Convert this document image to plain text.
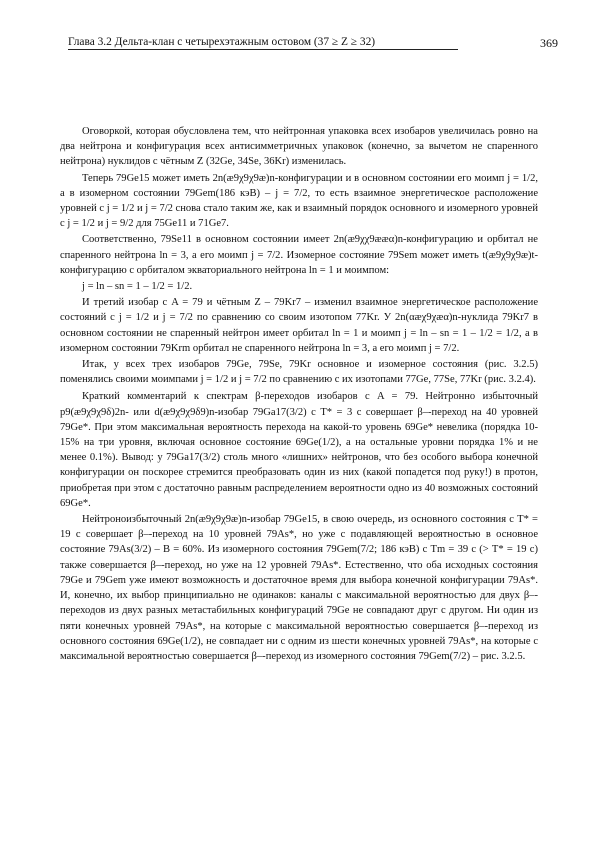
Глава 3.2 Дельта-клан с четырехэтажным остовом (37 ≥ Z ≥ 32)	369

Оговоркой, которая обусловлена тем, что нейтронная упаковка всех изобаров увеличилась ровно на два нейтрона и конфигурация всех антисимметричных упаковок (конечно, за вычетом не спаренного нейтрона) нуклидов с чётным Z (32Ge, 34Se, 36Kr) изменилась.

Теперь 79Ge15 может иметь 2n(æ9χ9χ9æ)n-конфигурации и в основном состоянии его моимп j = 1/2, а в изомерном состоянии 79Gem(186 кэВ) – j = 7/2, то есть взаимное энергетическое расположение уровней с j = 1/2 и j = 7/2 снова стало таким же, как и взаимный порядок основного и изомерного уровней с j = 1/2 и j = 9/2 для 75Ge11 и 71Ge7.

Соответственно, 79Se11 в основном состоянии имеет 2n(æ9χχ9ææα)n-конфигурацию и орбитал не спаренного нейтрона ln = 3, а его моимп j = 7/2. Изомерное состояние 79Sem может иметь t(æ9χ9χ9æ)t-конфигурацию с орбиталом экваториального нейтрона ln = 1 и моимпом:

j = ln – sn = 1 – 1/2 = 1/2.

И третий изобар с A = 79 и чётным Z – 79Kr7 – изменил взаимное энергетическое расположение состояний с j = 1/2 и j = 7/2 по сравнению со своим изотопом 77Kr. У 2n(αæχ9χæα)n-нуклида 79Kr7 в основном состоянии не спаренный нейтрон имеет орбитал ln = 1 и моимп j = ln – sn = 1 – 1/2 = 1/2, а в изомерном состоянии 79Krm орбитал не спаренного нейтрона ln = 3, а его моимп j = 7/2.

Итак, у всех трех изобаров 79Ge, 79Se, 79Kr основное и изомерное состояния (рис. 3.2.5) поменялись своими моимпами j = 1/2 и j = 7/2 по сравнению с их изотопами 77Ge, 77Se, 77Kr (рис. 3.2.4).

Краткий комментарий к спектрам β-переходов изобаров с A = 79. Нейтронно избыточный p9(æ9χ9χ9δ)2n- или d(æ9χ9χ9δ9)n-изобар 79Ga17(3/2) с T* = 3 с совершает β–-переход на 40 уровней 79Ge*. При этом максимальная вероятность перехода на какой-то уровень 69Ge* невелика (порядка 10-15% на три уровня, включая основное состояние 69Ge(1/2), а на остальные уровни порядка 1% и не менее 0.1%). Вывод: у 79Ga17(3/2) столь много «лишних» нейтронов, что без особого выбора конечной конфигурации он поскорее стремится преобразовать один из них (какой попадется под руку!) в протон, приобретая при этом с достаточно равным распределением вероятности одно из 40 возможных состояний 69Ge*.

Нейтроноизбыточный 2n(æ9χ9χ9æ)n-изобар 79Ge15, в свою очередь, из основного состояния с T* = 19 с совершает β–-переход на 10 уровней 79As*, но уже с подавляющей вероятностью в основное состояние 79As(3/2) – B = 60%. Из изомерного состояния 79Gem(7/2; 186 кэВ) с Tm = 39 с (> T* = 19 с) также совершается β–-переход, но уже на 12 уровней 79As*. Естественно, что оба исходных состояния 79Ge и 79Gem уже имеют возможность и достаточное время для выбора конечной конфигурации 79As*. И, конечно, их выбор принципиально не одинаков: каналы с максимальной вероятностью для двух β–-переходов из двух разных метастабильных конфигураций 79Ge не совпадают друг с другом. Ни один из пяти конечных уровней 79As*, на которые с максимальной вероятностью совершается β–-переход из основного состояния 69Ge(1/2), не совпадает ни с одним из шести конечных уровней 79As*, на которые с максимальной вероятностью совершается β–-переход из изомерного состояния 79Gem(7/2) – рис. 3.2.5.
